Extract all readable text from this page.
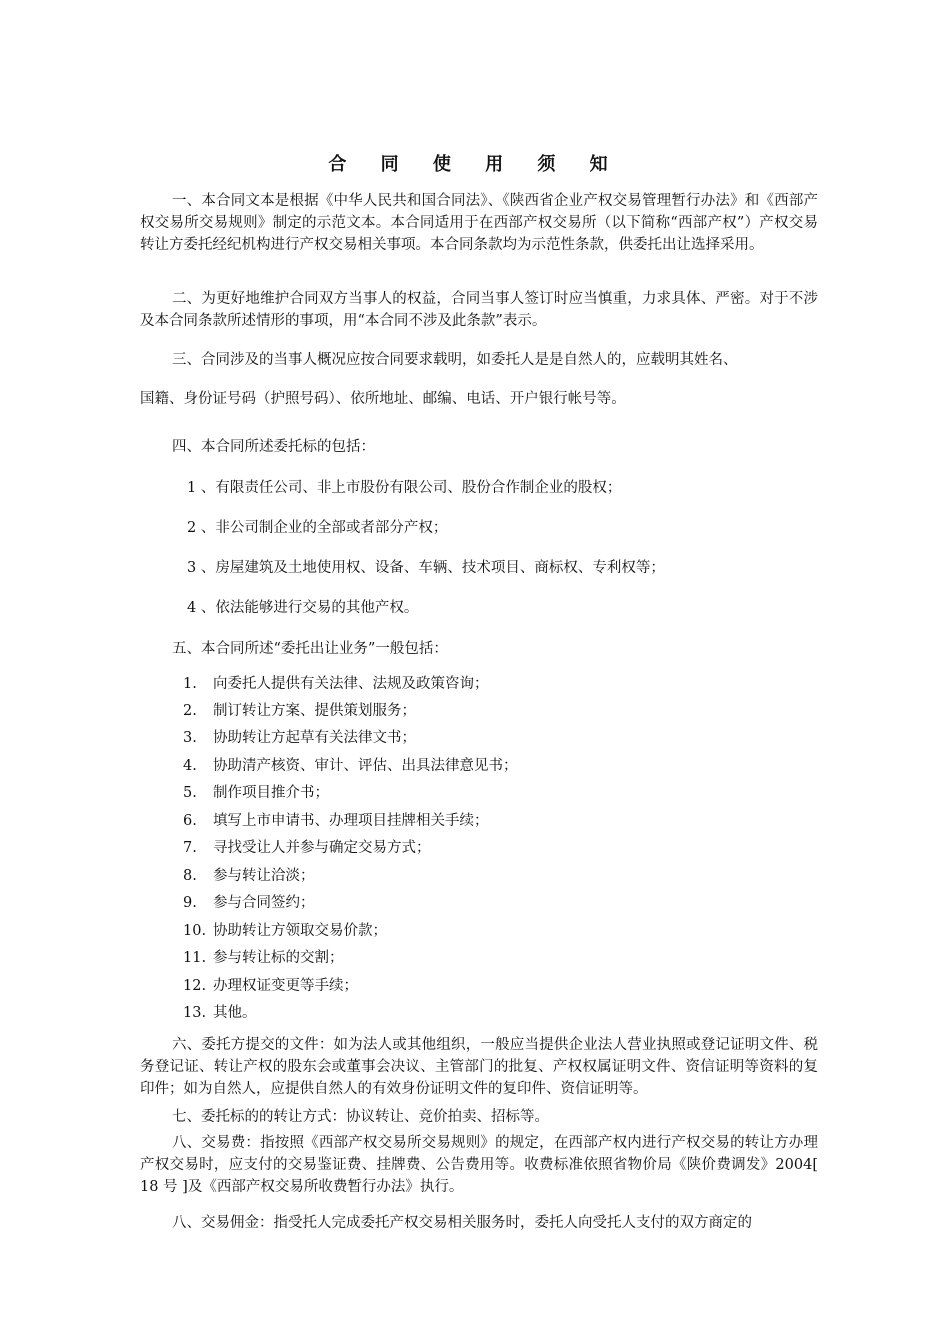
合 同 使 用 须 知

一、本合同文本是根据《中华人民共和国合同法》、《陕西省企业产权交易管理暂行办法》和《西部产权交易所交易规则》制定的示范文本。本合同适用于在西部产权交易所（以下简称“西部产权”）产权交易转让方委托经纪机构进行产权交易相关事项。本合同条款均为示范性条款，供委托出让选择采用。

二、为更好地维护合同双方当事人的权益，合同当事人签订时应当慎重，力求具体、严密。对于不涉及本合同条款所述情形的事项，用“本合同不涉及此条款”表示。

三、合同涉及的当事人概况应按合同要求载明，如委托人是是自然人的，应载明其姓名、

国籍、身份证号码（护照号码）、依所地址、邮编、电话、开户银行帐号等。

四、本合同所述委托标的包括：

1 、有限责任公司、非上市股份有限公司、股份合作制企业的股权；

2 、非公司制企业的全部或者部分产权；

3 、房屋建筑及土地使用权、设备、车辆、技术项目、商标权、专利权等；

4 、依法能够进行交易的其他产权。

五、本合同所述“委托出让业务”一般包括：

1. 向委托人提供有关法律、法规及政策咨询；
2. 制订转让方案、提供策划服务；
3. 协助转让方起草有关法律文书；
4. 协助清产核资、审计、评估、出具法律意见书；
5. 制作项目推介书；
6. 填写上市申请书、办理项目挂牌相关手续；
7. 寻找受让人并参与确定交易方式；
8. 参与转让洽淡；
9. 参与合同签约；
10. 协助转让方领取交易价款；
11. 参与转让标的交割；
12. 办理权证变更等手续；
13. 其他。

六、委托方提交的文件：如为法人或其他组织，一般应当提供企业法人营业执照或登记证明文件、税务登记证、转让产权的股东会或董事会决议、主管部门的批复、产权权属证明文件、资信证明等资料的复印件；如为自然人，应提供自然人的有效身份证明文件的复印件、资信证明等。

七、委托标的的转让方式：协议转让、竞价拍卖、招标等。

八、交易费：指按照《西部产权交易所交易规则》的规定，在西部产权内进行产权交易的转让方办理产权交易时，应支付的交易鉴证费、挂牌费、公告费用等。收费标准依照省物价局《陕价费调发》2004[ 18 号 ]及《西部产权交易所收费暂行办法》执行。

八、交易佣金：指受托人完成委托产权交易相关服务时，委托人向受托人支付的双方商定的
